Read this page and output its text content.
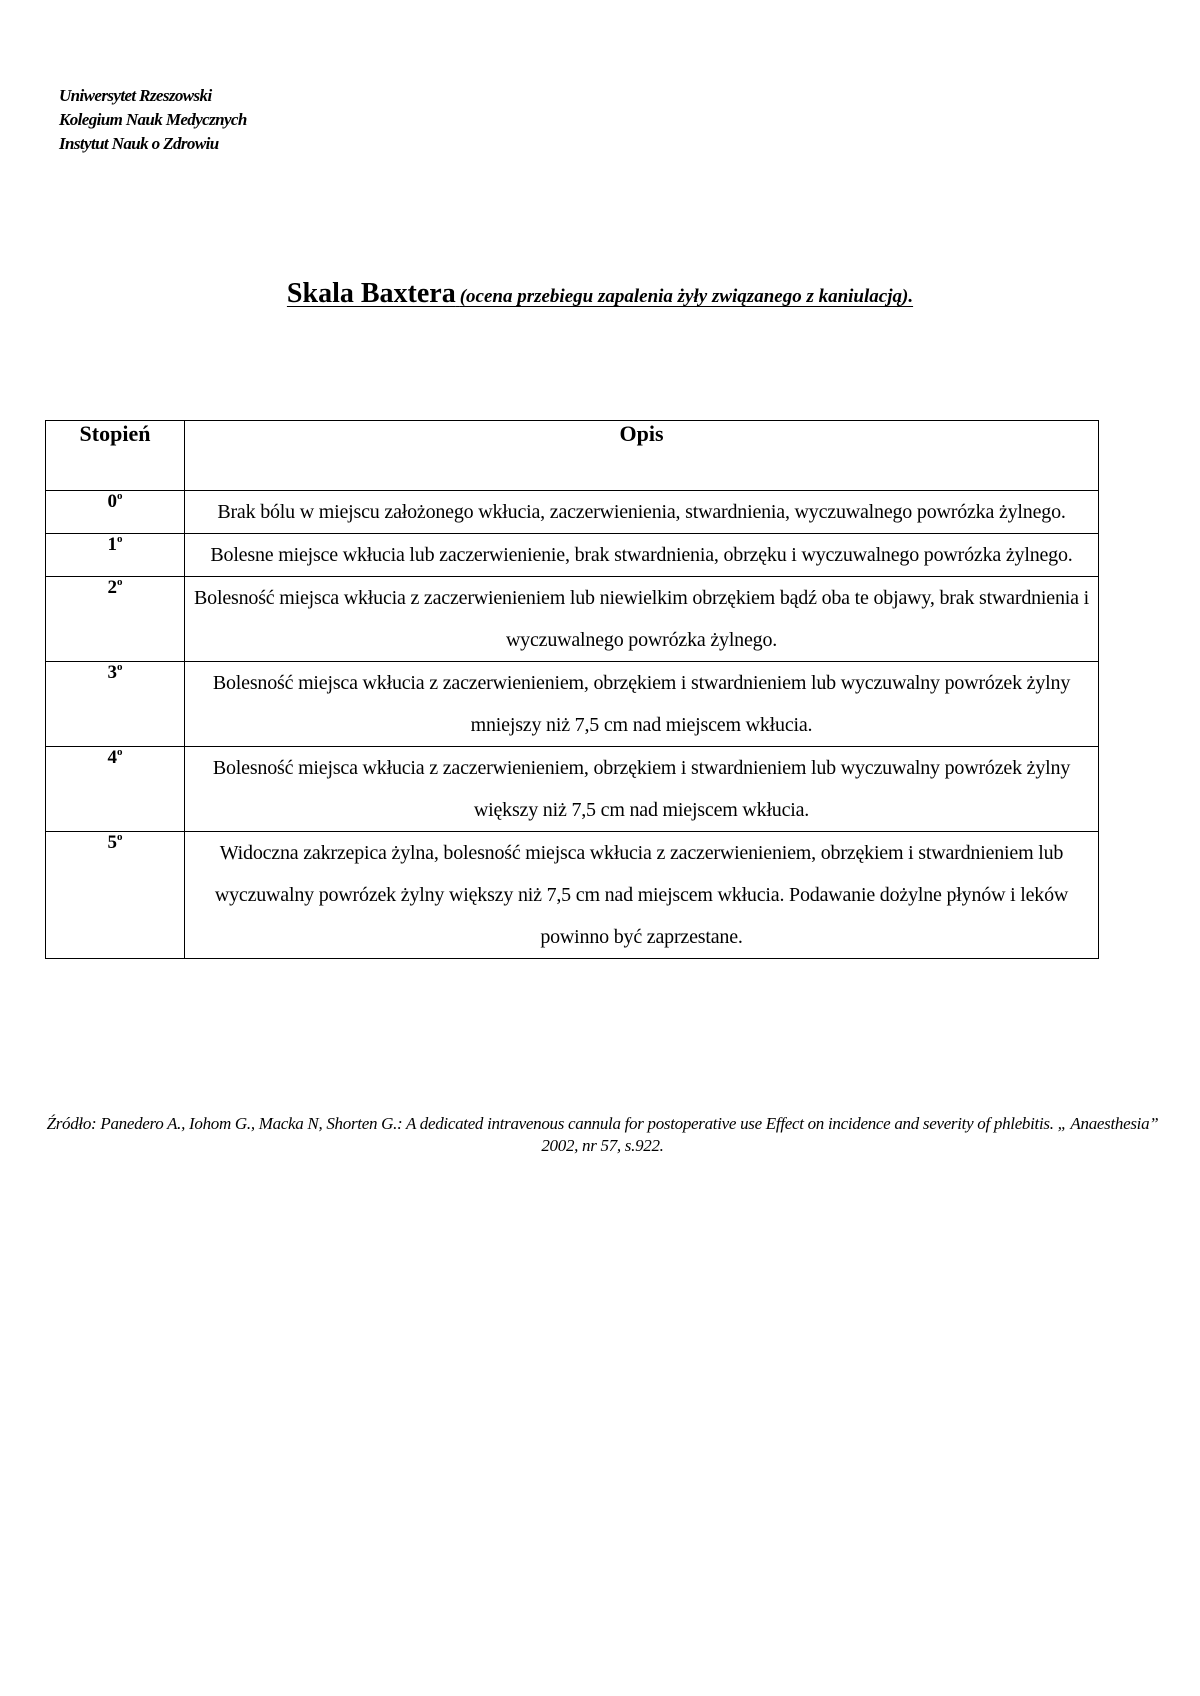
Uniwersytet Rzeszowski
Kolegium Nauk Medycznych
Instytut Nauk o Zdrowiu
Skala Baxtera (ocena przebiegu zapalenia żyły związanego z kaniulacją).
Stopień	Opis
0$^o$	Brak bólu w miejscu założonego wkłucia, zaczerwienienia, stwardnienia, wyczuwalnego powrózka żylnego.
1$^o$	Bolesne miejsce wkłucia lub zaczerwienienie, brak stwardnienia, obrzęku i wyczuwalnego powrózka żylnego.
2$^o$	Bolesność miejsca wkłucia z zaczerwienieniem lub niewielkim obrzękiem bądź oba te objawy, brak stwardnienia i wyczuwalnego powrózka żylnego.
3$^o$	Bolesność miejsca wkłucia z zaczerwienieniem, obrzękiem i stwardnieniem lub wyczuwalny powrózek żylny mniejszy niż 7,5 cm nad miejscem wkłucia.
4$^o$	Bolesność miejsca wkłucia z zaczerwienieniem, obrzękiem i stwardnieniem lub wyczuwalny powrózek żylny większy niż 7,5 cm nad miejscem wkłucia.
5$^o$	Widoczna zakrzepica żylna, bolesność miejsca wkłucia z zaczerwienieniem, obrzękiem i stwardnieniem lub wyczuwalny powrózek żylny większy niż 7,5 cm nad miejscem wkłucia. Podawanie dożylne płynów i leków powinno być zaprzestane.
Źródło: Panedero A., Iohom G., Macka N, Shorten G.: A dedicated intravenous cannula for postoperative use Effect on incidence and severity of phlebitis. „ Anaesthesia” 2002, nr 57, s.922.
